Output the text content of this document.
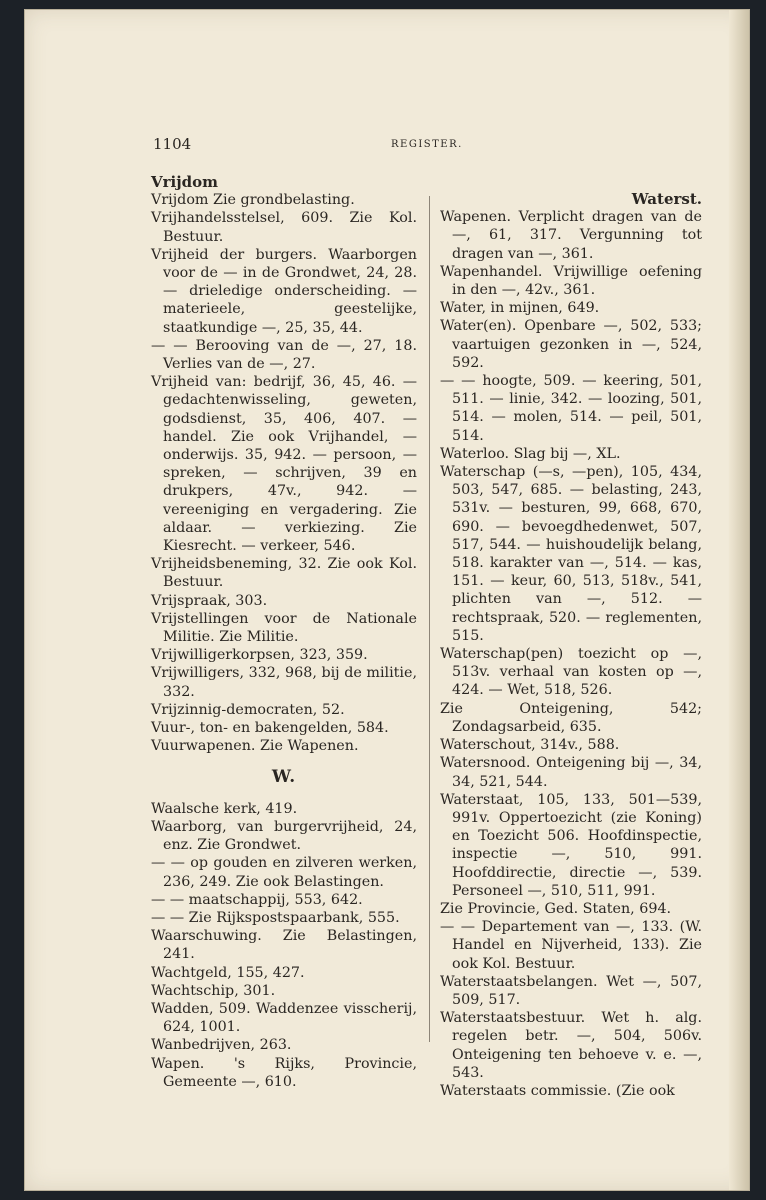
1104	REGISTER.
Vrijdom
Vrijdom Zie grondbelasting.
Vrijhandelsstelsel, 609. Zie Kol. Bestuur.
Vrijheid der burgers. Waarborgen voor de — in de Grondwet, 24, 28. — drieledige onderscheiding. — materieele, geestelijke, staatkundige —, 25, 35, 44.
— — Berooving van de —, 27, 18. Verlies van de —, 27.
Vrijheid van: bedrijf, 36, 45, 46. — gedachtenwisseling, geweten, godsdienst, 35, 406, 407. — handel. Zie ook Vrijhandel, — onderwijs. 35, 942. — persoon, — spreken, — schrijven, 39 en drukpers, 47v., 942. — vereeniging en vergadering. Zie aldaar. — verkiezing. Zie Kiesrecht. — verkeer, 546.
Vrijheidsbeneming, 32. Zie ook Kol. Bestuur.
Vrijspraak, 303.
Vrijstellingen voor de Nationale Militie. Zie Militie.
Vrijwilligerkorpsen, 323, 359.
Vrijwilligers, 332, 968, bij de militie, 332.
Vrijzinnig-democraten, 52.
Vuur-, ton- en bakengelden, 584.
Vuurwapenen. Zie Wapenen.
W.
Waalsche kerk, 419.
Waarborg, van burgervrijheid, 24, enz. Zie Grondwet.
— — op gouden en zilveren werken, 236, 249. Zie ook Belastingen.
— — maatschappij, 553, 642.
— — Zie Rijkspostspaarbank, 555.
Waarschuwing. Zie Belastingen, 241.
Wachtgeld, 155, 427.
Wachtschip, 301.
Wadden, 509. Waddenzee visscherij, 624, 1001.
Wanbedrijven, 263.
Wapen. 's Rijks, Provincie, Gemeente —, 610.
Waterst.
Wapenen. Verplicht dragen van de —, 61, 317. Vergunning tot dragen van —, 361.
Wapenhandel. Vrijwillige oefening in den —, 42v., 361.
Water, in mijnen, 649.
Water(en). Openbare —, 502, 533; vaartuigen gezonken in —, 524, 592.
— — hoogte, 509. — keering, 501, 511. — linie, 342. — loozing, 501, 514. — molen, 514. — peil, 501, 514.
Waterloo. Slag bij —, XL.
Waterschap (—s, —pen), 105, 434, 503, 547, 685. — belasting, 243, 531v. — besturen, 99, 668, 670, 690. — bevoegdhedenwet, 507, 517, 544. — huishoudelijk belang, 518. karakter van —, 514. — kas, 151. — keur, 60, 513, 518v., 541, plichten van —, 512. — rechtspraak, 520. — reglementen, 515.
Waterschap(pen) toezicht op —, 513v. verhaal van kosten op —, 424. — Wet, 518, 526.
Zie Onteigening, 542; Zondagsarbeid, 635.
Waterschout, 314v., 588.
Watersnood. Onteigening bij —, 34, 34, 521, 544.
Waterstaat, 105, 133, 501—539, 991v. Oppertoezicht (zie Koning) en Toezicht 506. Hoofdinspectie, inspectie —, 510, 991. Hoofddirectie, directie —, 539. Personeel —, 510, 511, 991.
Zie Provincie, Ged. Staten, 694.
— — Departement van —, 133. (W. Handel en Nijverheid, 133). Zie ook Kol. Bestuur.
Waterstaatsbelangen. Wet —, 507, 509, 517.
Waterstaatsbestuur. Wet h. alg. regelen betr. —, 504, 506v. Onteigening ten behoeve v. e. —, 543.
Waterstaats commissie. (Zie ook
